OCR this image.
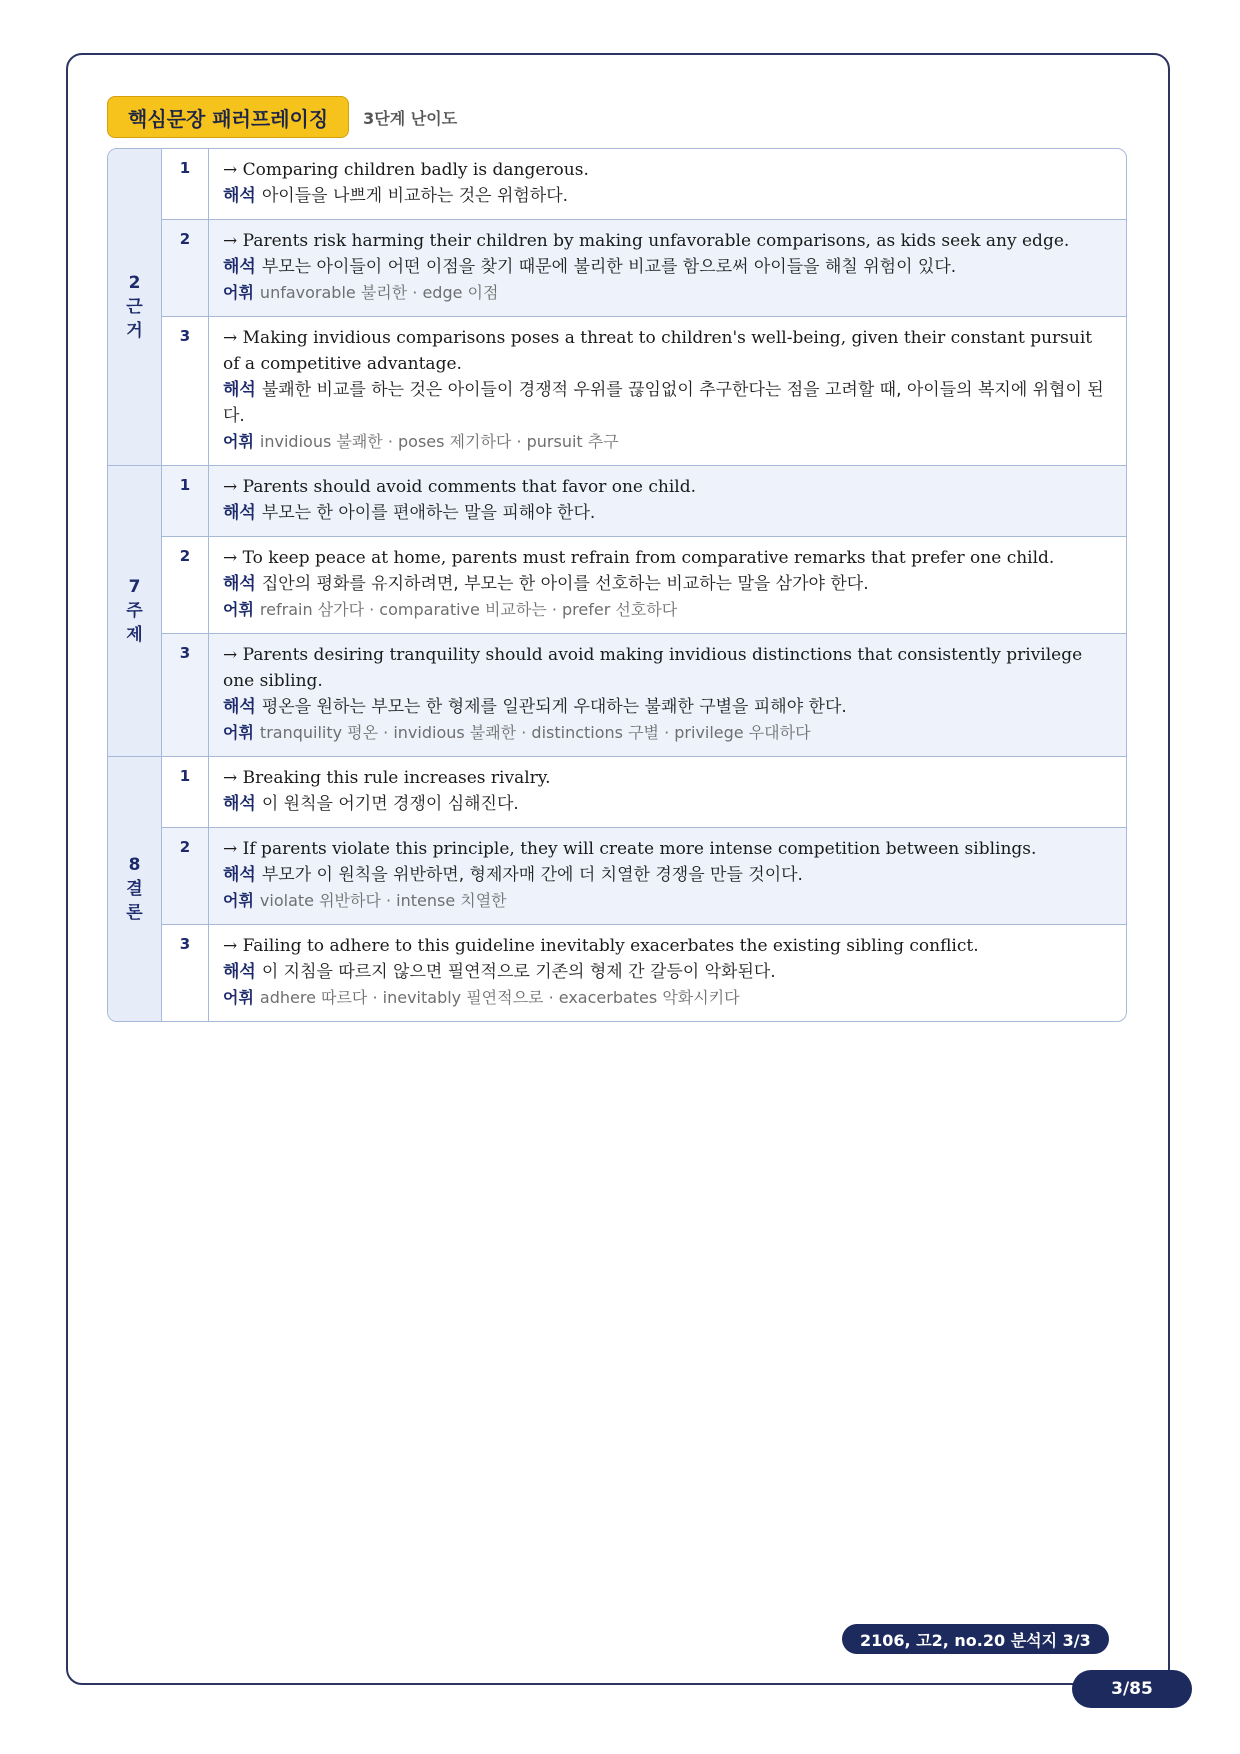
핵심문장 패러프레이징	3단계 난이도
2
근
거
1	→ Comparing children badly is dangerous.
해석 아이들을 나쁘게 비교하는 것은 위험하다.
2	→ Parents risk harming their children by making unfavorable comparisons, as kids seek any edge.
해석 부모는 아이들이 어떤 이점을 찾기 때문에 불리한 비교를 함으로써 아이들을 해칠 위험이 있다.
어휘 unfavorable 불리한 · edge 이점
3	→ Making invidious comparisons poses a threat to children's well-being, given their constant pursuit of a competitive advantage.
해석 불쾌한 비교를 하는 것은 아이들이 경쟁적 우위를 끊임없이 추구한다는 점을 고려할 때, 아이들의 복지에 위협이 된다.
어휘 invidious 불쾌한 · poses 제기하다 · pursuit 추구
7
주
제
1	→ Parents should avoid comments that favor one child.
해석 부모는 한 아이를 편애하는 말을 피해야 한다.
2	→ To keep peace at home, parents must refrain from comparative remarks that prefer one child.
해석 집안의 평화를 유지하려면, 부모는 한 아이를 선호하는 비교하는 말을 삼가야 한다.
어휘 refrain 삼가다 · comparative 비교하는 · prefer 선호하다
3	→ Parents desiring tranquility should avoid making invidious distinctions that consistently privilege one sibling.
해석 평온을 원하는 부모는 한 형제를 일관되게 우대하는 불쾌한 구별을 피해야 한다.
어휘 tranquility 평온 · invidious 불쾌한 · distinctions 구별 · privilege 우대하다
8
결
론
1	→ Breaking this rule increases rivalry.
해석 이 원칙을 어기면 경쟁이 심해진다.
2	→ If parents violate this principle, they will create more intense competition between siblings.
해석 부모가 이 원칙을 위반하면, 형제자매 간에 더 치열한 경쟁을 만들 것이다.
어휘 violate 위반하다 · intense 치열한
3	→ Failing to adhere to this guideline inevitably exacerbates the existing sibling conflict.
해석 이 지침을 따르지 않으면 필연적으로 기존의 형제 간 갈등이 악화된다.
어휘 adhere 따르다 · inevitably 필연적으로 · exacerbates 악화시키다
2106, 고2, no.20 분석지 3/3
3/85
